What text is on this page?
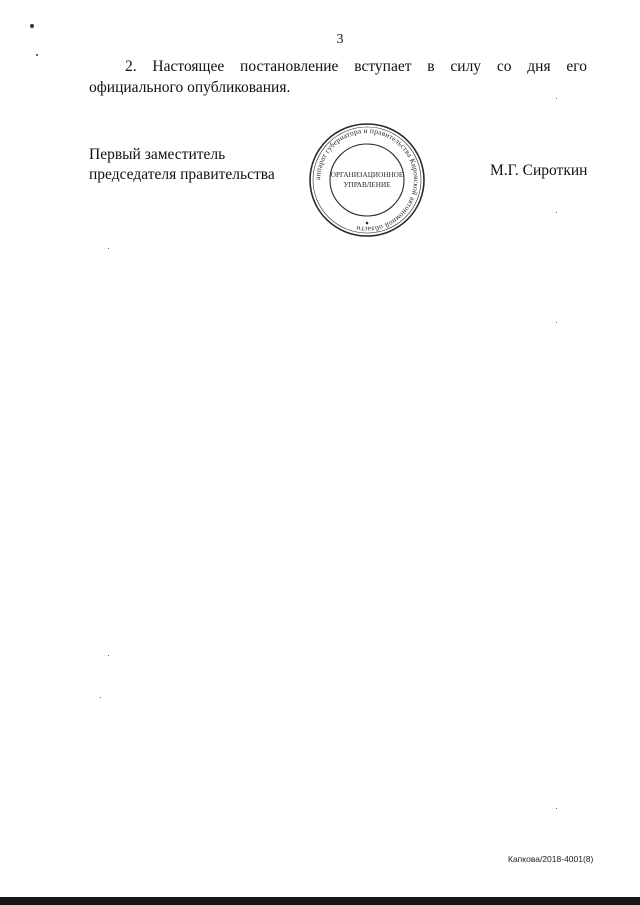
3

2. Настоящее постановление вступает в силу со дня его официального опубликования.

Первый заместитель
председателя правительства	аппарат губернатора и правительства Кировской автономной области
ОРГАНИЗАЦИОННОЕ
УПРАВЛЕНИЕ
М.Г. Сироткин
Капкова/2018-4001(8)
